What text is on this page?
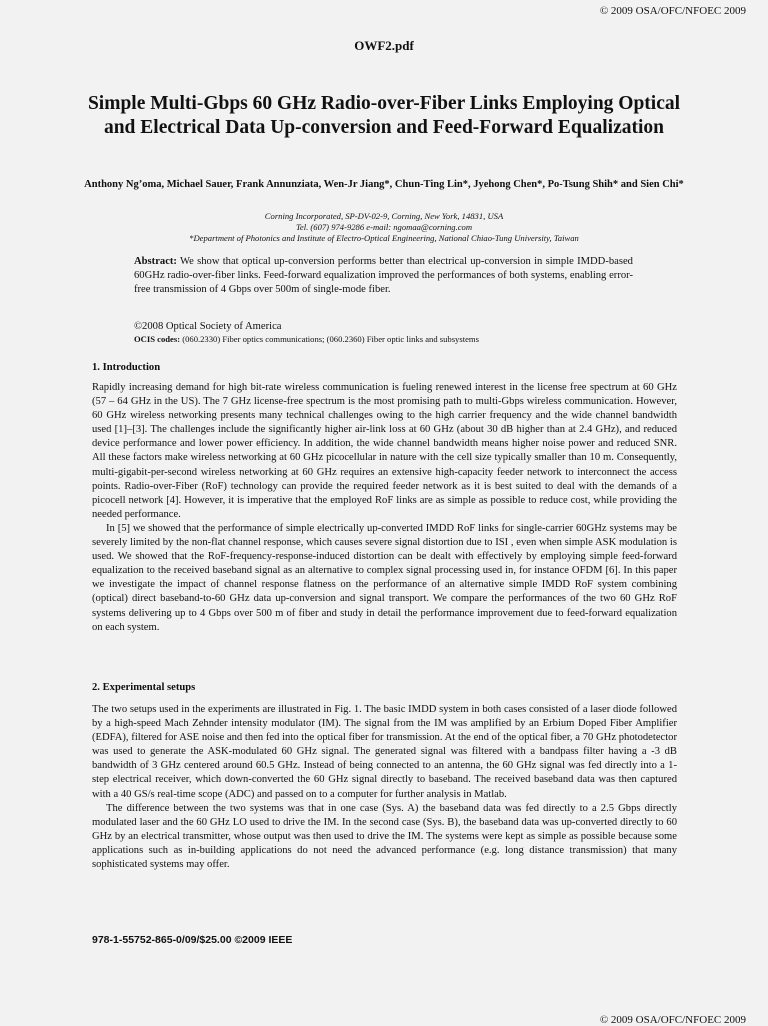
© 2009 OSA/OFC/NFOEC 2009
OWF2.pdf
Simple Multi-Gbps 60 GHz Radio-over-Fiber Links Employing Optical and Electrical Data Up-conversion and Feed-Forward Equalization
Anthony Ng’oma, Michael Sauer, Frank Annunziata, Wen-Jr Jiang*, Chun-Ting Lin*, Jyehong Chen*, Po-Tsung Shih* and Sien Chi*
Corning Incorporated, SP-DV-02-9, Corning, New York, 14831, USA
Tel. (607) 974-9286 e-mail: ngomaa@corning.com
*Department of Photonics and Institute of Electro-Optical Engineering, National Chiao-Tung University, Taiwan
Abstract: We show that optical up-conversion performs better than electrical up-conversion in simple IMDD-based 60GHz radio-over-fiber links. Feed-forward equalization improved the performances of both systems, enabling error-free transmission of 4 Gbps over 500m of single-mode fiber.
©2008 Optical Society of America
OCIS codes: (060.2330) Fiber optics communications; (060.2360) Fiber optic links and subsystems
1. Introduction

Rapidly increasing demand for high bit-rate wireless communication is fueling renewed interest in the license free spectrum at 60 GHz (57 – 64 GHz in the US). The 7 GHz license-free spectrum is the most promising path to multi-Gbps wireless communication. However, 60 GHz wireless networking presents many technical challenges owing to the high carrier frequency and the wide channel bandwidth used [1]–[3]. The challenges include the significantly higher air-link loss at 60 GHz (about 30 dB higher than at 2.4 GHz), and reduced device performance and lower power efficiency. In addition, the wide channel bandwidth means higher noise power and reduced SNR. All these factors make wireless networking at 60 GHz picocellular in nature with the cell size typically smaller than 10 m. Consequently, multi-gigabit-per-second wireless networking at 60 GHz requires an extensive high-capacity feeder network to interconnect the access points. Radio-over-Fiber (RoF) technology can provide the required feeder network as it is best suited to deal with the demands of a picocell network [4]. However, it is imperative that the employed RoF links are as simple as possible to reduce cost, while providing the needed performance.

In [5] we showed that the performance of simple electrically up-converted IMDD RoF links for single-carrier 60GHz systems may be severely limited by the non-flat channel response, which causes severe signal distortion due to ISI , even when simple ASK modulation is used. We showed that the RoF-frequency-response-induced distortion can be dealt with effectively by employing simple feed-forward equalization to the received baseband signal as an alternative to complex signal processing used in, for instance OFDM [6]. In this paper we investigate the impact of channel response flatness on the performance of an alternative simple IMDD RoF system combining (optical) direct baseband-to-60 GHz data up-conversion and signal transport. We compare the performances of the two 60 GHz RoF systems delivering up to 4 Gbps over 500 m of fiber and study in detail the performance improvement due to feed-forward equalization on each system.

2. Experimental setups

The two setups used in the experiments are illustrated in Fig. 1. The basic IMDD system in both cases consisted of a laser diode followed by a high-speed Mach Zehnder intensity modulator (IM). The signal from the IM was amplified by an Erbium Doped Fiber Amplifier (EDFA), filtered for ASE noise and then fed into the optical fiber for transmission. At the end of the optical fiber, a 70 GHz photodetector was used to generate the ASK-modulated 60 GHz signal. The generated signal was filtered with a bandpass filter having a -3 dB bandwidth of 3 GHz centered around 60.5 GHz. Instead of being connected to an antenna, the 60 GHz signal was fed directly into a 1-step electrical receiver, which down-converted the 60 GHz signal directly to baseband. The received baseband data was then captured with a 40 GS/s real-time scope (ADC) and passed on to a computer for further analysis in Matlab.

The difference between the two systems was that in one case (Sys. A) the baseband data was fed directly to a 2.5 Gbps directly modulated laser and the 60 GHz LO used to drive the IM. In the second case (Sys. B), the baseband data was up-converted directly to 60 GHz by an electrical transmitter, whose output was then used to drive the IM. The systems were kept as simple as possible because some applications such as in-building applications do not need the advanced performance (e.g. long distance transmission) that many sophisticated systems may offer.

978-1-55752-865-0/09/$25.00 ©2009 IEEE
© 2009 OSA/OFC/NFOEC 2009
